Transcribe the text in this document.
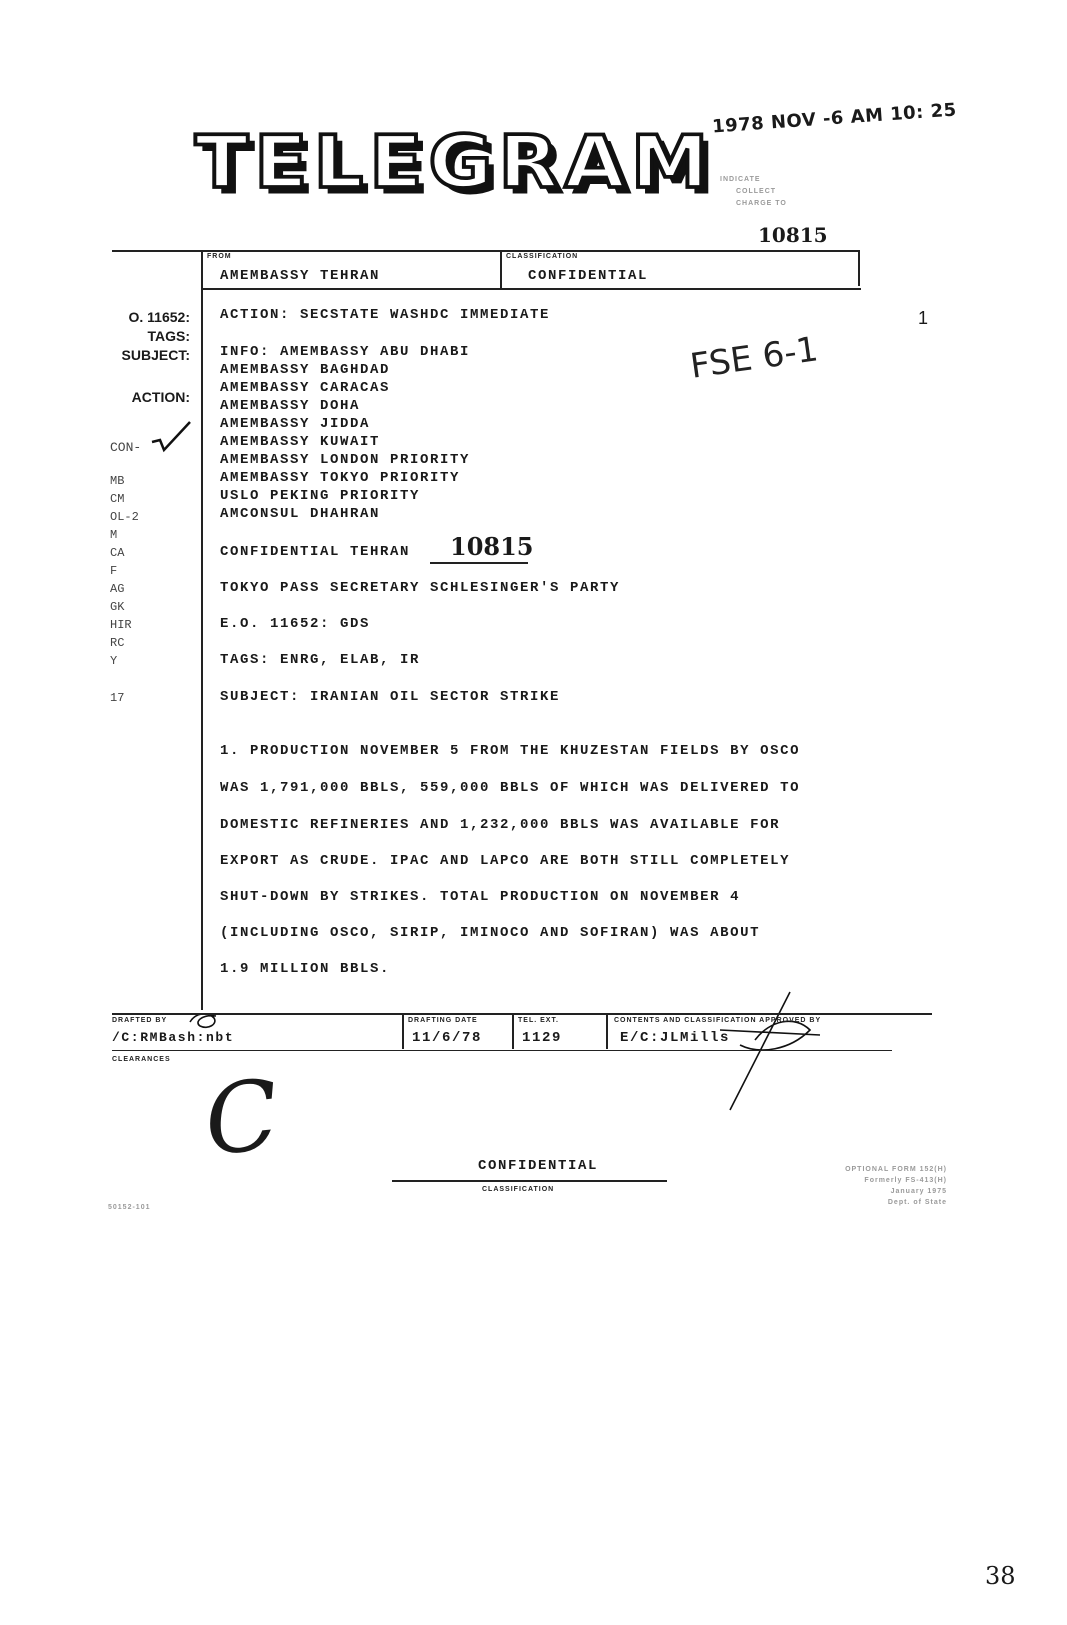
TELEGRAM
1978 NOV -6 AM 10: 25
INDICATE
COLLECT
CHARGE TO
10815
FROM
AMEMBASSY TEHRAN
CLASSIFICATION
CONFIDENTIAL
O. 11652:
TAGS:
SUBJECT:
ACTION:
CON-
MB
CM
OL-2
M
CA
F
AG
GK
HIR
RC
Y
17
ACTION: SECSTATE WASHDC IMMEDIATE
INFO: AMEMBASSY ABU DHABI
AMEMBASSY BAGHDAD
AMEMBASSY CARACAS
AMEMBASSY DOHA
AMEMBASSY JIDDA
AMEMBASSY KUWAIT
AMEMBASSY LONDON PRIORITY
AMEMBASSY TOKYO PRIORITY
USLO PEKING PRIORITY
AMCONSUL DHAHRAN
CONFIDENTIAL TEHRAN 10815
TOKYO PASS SECRETARY SCHLESINGER'S PARTY
E.O. 11652: GDS
TAGS: ENRG, ELAB, IR
SUBJECT: IRANIAN OIL SECTOR STRIKE
1. PRODUCTION NOVEMBER 5 FROM THE KHUZESTAN FIELDS BY OSCO
WAS 1,791,000 BBLS, 559,000 BBLS OF WHICH WAS DELIVERED TO
DOMESTIC REFINERIES AND 1,232,000 BBLS WAS AVAILABLE FOR
EXPORT AS CRUDE. IPAC AND LAPCO ARE BOTH STILL COMPLETELY
SHUT-DOWN BY STRIKES. TOTAL PRODUCTION ON NOVEMBER 4
(INCLUDING OSCO, SIRIP, IMINOCO AND SOFIRAN) WAS ABOUT
1.9 MILLION BBLS.
FSE 6-1
1
C
DRAFTED BY
/C:RMBash:nbt
DRAFTING DATE
11/6/78
TEL. EXT.
1129
CONTENTS AND CLASSIFICATION APPROVED BY
E/C:JLMills
CLEARANCES
CONFIDENTIAL
CLASSIFICATION
OPTIONAL FORM 152(H)
Formerly FS-413(H)
January 1975
Dept. of State
50152-101
38
